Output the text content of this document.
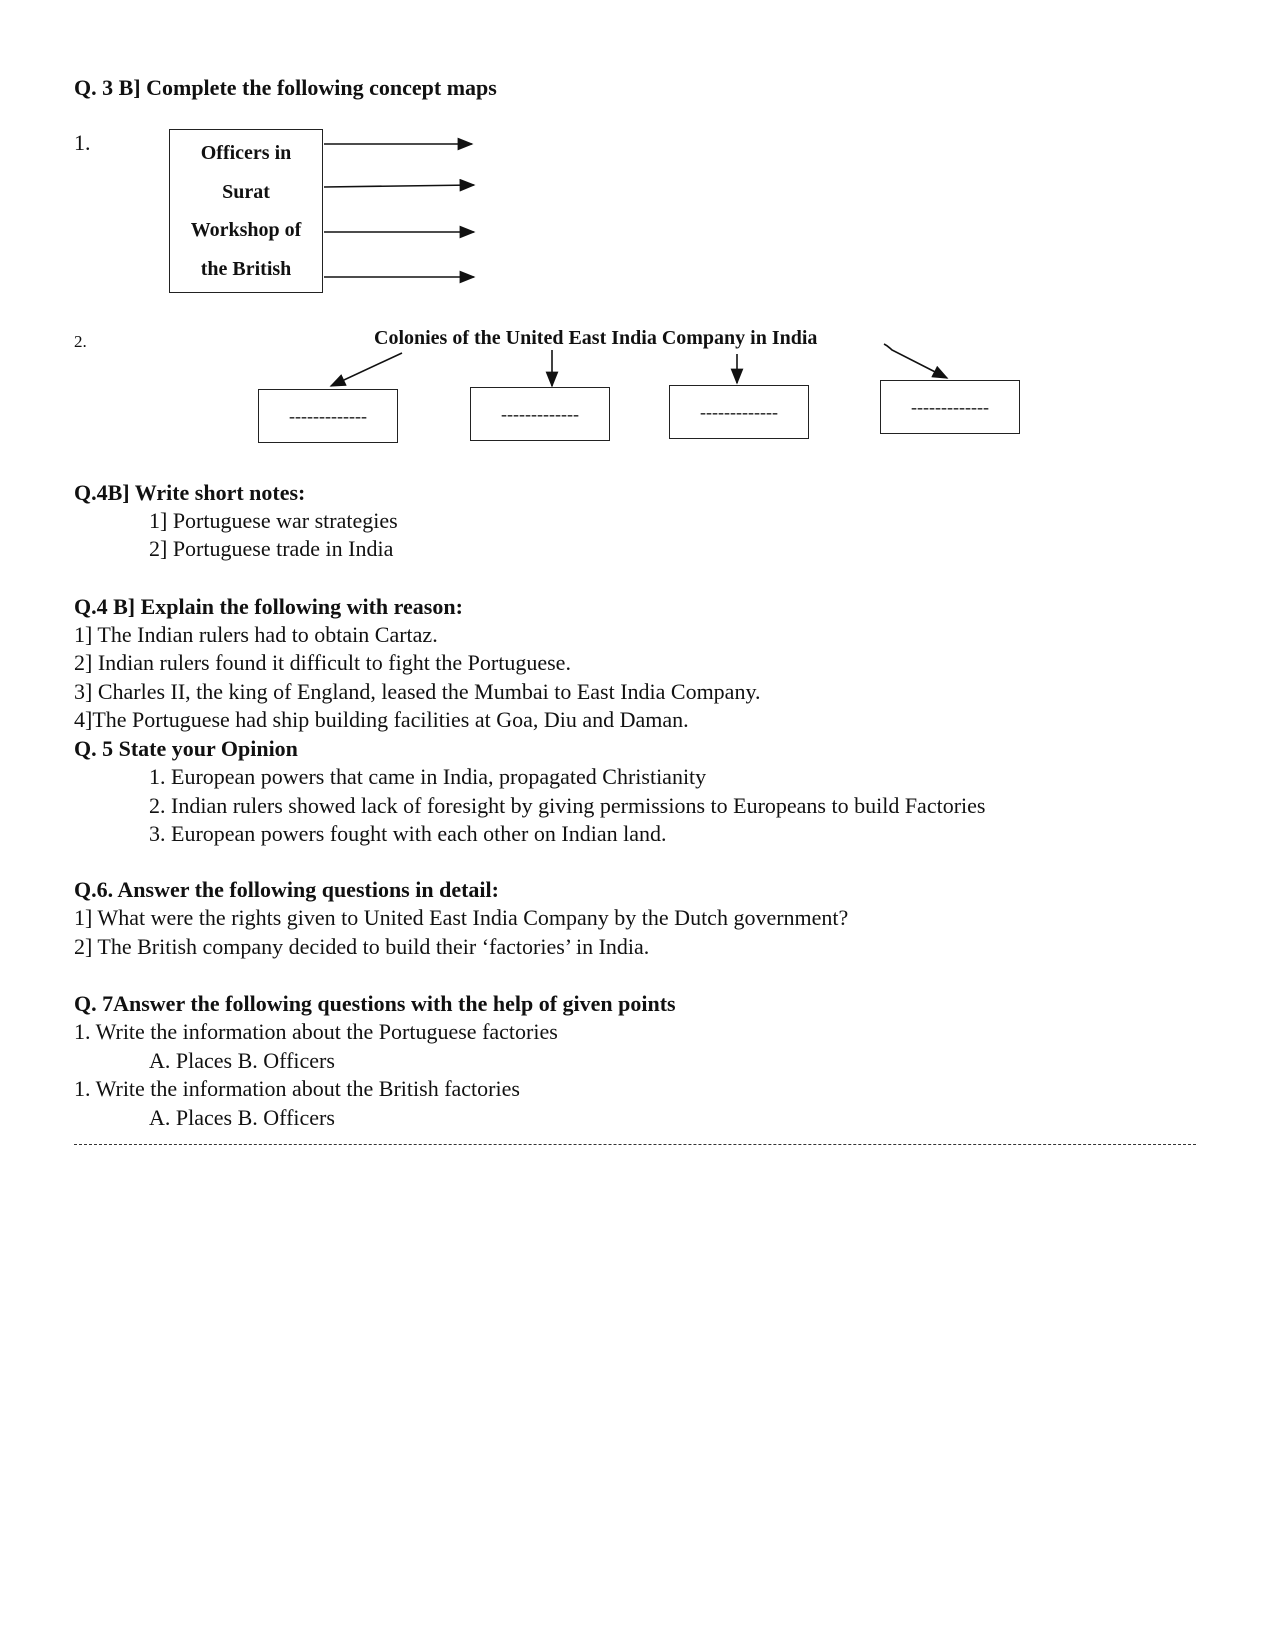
Q. 3 B] Complete the following concept maps
1.	Officers in
Surat
Workshop of
the British
2.	Colonies of the United East India Company in India
-------------	-------------	-------------	-------------
Q.4B] Write short notes:
1] Portuguese war strategies
2] Portuguese trade in India
Q.4 B] Explain the following with reason:
1] The Indian rulers had to obtain Cartaz.
2] Indian rulers found it difficult to fight the Portuguese.
3] Charles II, the king of England, leased the Mumbai to East India Company.
4]The Portuguese had ship building facilities at Goa, Diu and Daman.
Q. 5 State your Opinion
1. European powers that came in India, propagated Christianity
2. Indian rulers showed lack of foresight by giving permissions to Europeans to build Factories
3. European powers fought with each other on Indian land.
Q.6. Answer the following questions in detail:
1] What were the rights given to United East India Company by the Dutch government?
2] The British company decided to build their ‘factories’ in India.
Q. 7Answer the following questions with the help of given points
1. Write the information about the Portuguese factories
A. Places B. Officers
1. Write the information about the British factories
A. Places B. Officers
